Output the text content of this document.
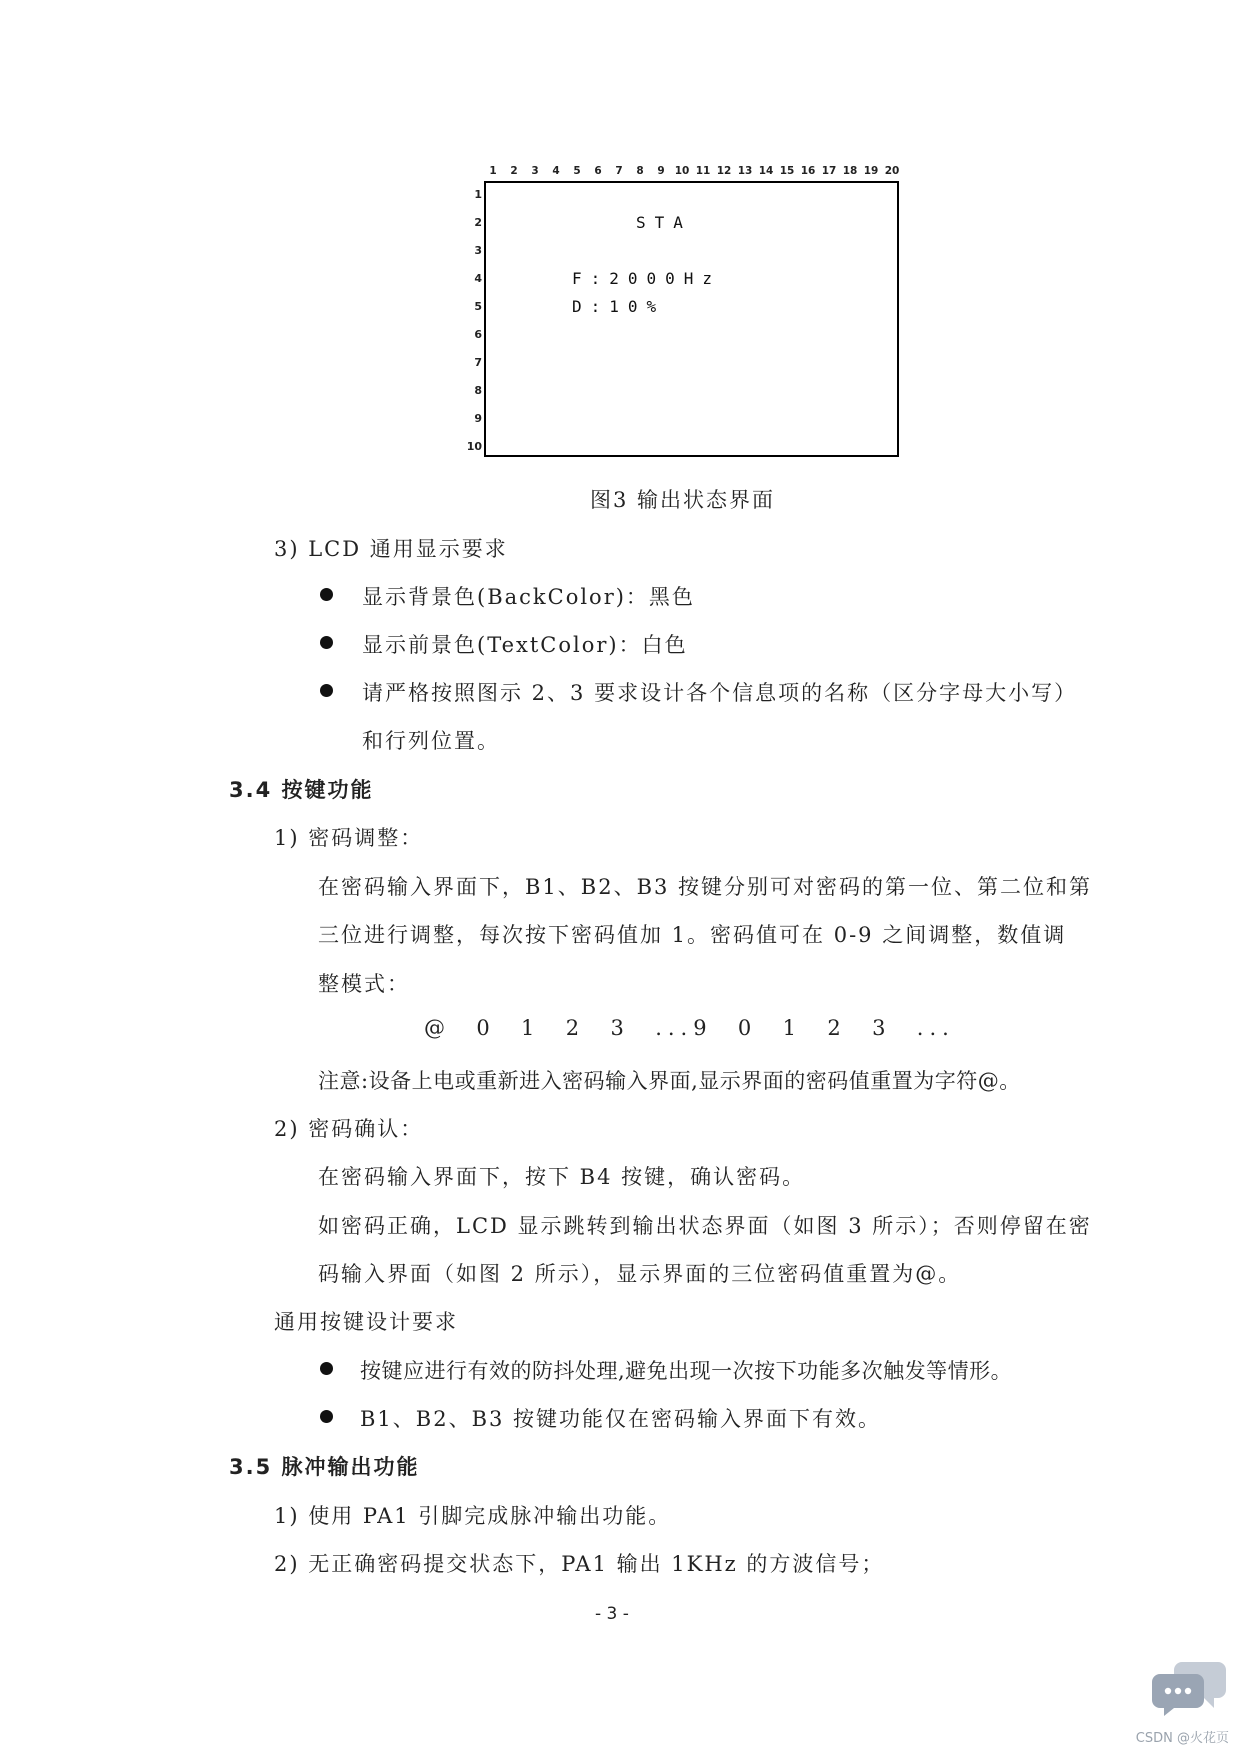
1 2 3 4 5 6 7 8 9 10 11 12 13 14 15 16 17 18 19 20
1
2
3
4
5
6
7
8
9
10
STA
F:2000Hz
D:10%
图3 输出状态界面
3) LCD 通用显示要求
显示背景色(BackColor)：黑色
显示前景色(TextColor)：白色
请严格按照图示 2、3 要求设计各个信息项的名称（区分字母大小写）
和行列位置。
3.4 按键功能
1) 密码调整：
在密码输入界面下，B1、B2、B3 按键分别可对密码的第一位、第二位和第
三位进行调整，每次按下密码值加 1。密码值可在 0-9 之间调整，数值调
整模式：
@  0  1  2  3  ...9  0  1  2  3  ...
注意:设备上电或重新进入密码输入界面,显示界面的密码值重置为字符@。
2) 密码确认：
在密码输入界面下，按下 B4 按键，确认密码。
如密码正确，LCD 显示跳转到输出状态界面（如图 3 所示）；否则停留在密
码输入界面（如图 2 所示），显示界面的三位密码值重置为@。
通用按键设计要求
按键应进行有效的防抖处理,避免出现一次按下功能多次触发等情形。
B1、B2、B3 按键功能仅在密码输入界面下有效。
3.5 脉冲输出功能
1) 使用 PA1 引脚完成脉冲输出功能。
2) 无正确密码提交状态下，PA1 输出 1KHz 的方波信号；
- 3 -
CSDN @火花页
